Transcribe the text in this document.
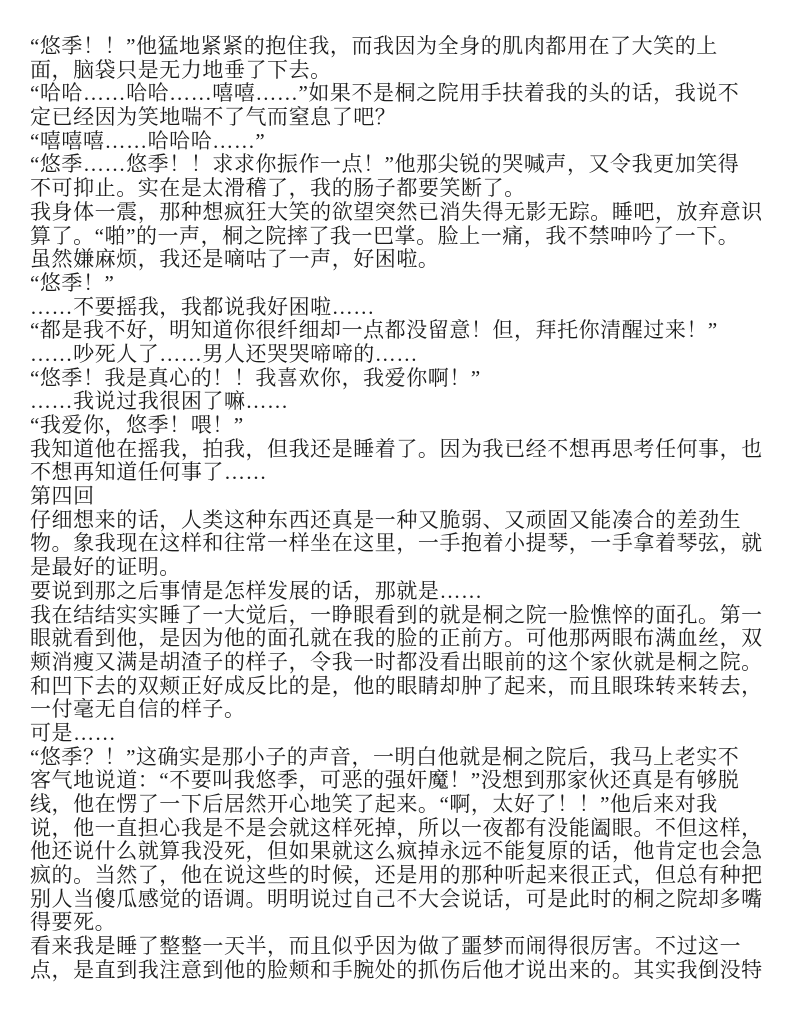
“悠季！！”他猛地紧紧的抱住我，而我因为全身的肌肉都用在了大笑的上
面，脑袋只是无力地垂了下去。
“哈哈……哈哈……嘻嘻……”如果不是桐之院用手扶着我的头的话，我说不
定已经因为笑地喘不了气而窒息了吧？
“嘻嘻嘻……哈哈哈……”
“悠季……悠季！！求求你振作一点！”他那尖锐的哭喊声，又令我更加笑得
不可抑止。实在是太滑稽了，我的肠子都要笑断了。
我身体一震，那种想疯狂大笑的欲望突然已消失得无影无踪。睡吧，放弃意识
算了。“啪”的一声，桐之院摔了我一巴掌。脸上一痛，我不禁呻吟了一下。
虽然嫌麻烦，我还是嘀咕了一声，好困啦。
“悠季！”
……不要摇我，我都说我好困啦……
“都是我不好，明知道你很纤细却一点都没留意！但，拜托你清醒过来！”
……吵死人了……男人还哭哭啼啼的……
“悠季！我是真心的！！我喜欢你，我爱你啊！”
……我说过我很困了嘛……
“我爱你，悠季！喂！”
我知道他在摇我，拍我，但我还是睡着了。因为我已经不想再思考任何事，也
不想再知道任何事了……
第四回
仔细想来的话，人类这种东西还真是一种又脆弱、又顽固又能凑合的差劲生
物。象我现在这样和往常一样坐在这里，一手抱着小提琴，一手拿着琴弦，就
是最好的证明。
要说到那之后事情是怎样发展的话，那就是……
我在结结实实睡了一大觉后，一睁眼看到的就是桐之院一脸憔悴的面孔。第一
眼就看到他，是因为他的面孔就在我的脸的正前方。可他那两眼布满血丝，双
颊消瘦又满是胡渣子的样子，令我一时都没看出眼前的这个家伙就是桐之院。
和凹下去的双颊正好成反比的是，他的眼睛却肿了起来，而且眼珠转来转去，
一付毫无自信的样子。
可是……
“悠季？！”这确实是那小子的声音，一明白他就是桐之院后，我马上老实不
客气地说道：“不要叫我悠季，可恶的强奸魔！”没想到那家伙还真是有够脱
线，他在愣了一下后居然开心地笑了起来。“啊，太好了！！”他后来对我
说，他一直担心我是不是会就这样死掉，所以一夜都有没能阖眼。不但这样，
他还说什么就算我没死，但如果就这么疯掉永远不能复原的话，他肯定也会急
疯的。当然了，他在说这些的时候，还是用的那种听起来很正式，但总有种把
别人当傻瓜感觉的语调。明明说过自己不大会说话，可是此时的桐之院却多嘴
得要死。
看来我是睡了整整一天半，而且似乎因为做了噩梦而闹得很厉害。不过这一
点，是直到我注意到他的脸颊和手腕处的抓伤后他才说出来的。其实我倒没特
